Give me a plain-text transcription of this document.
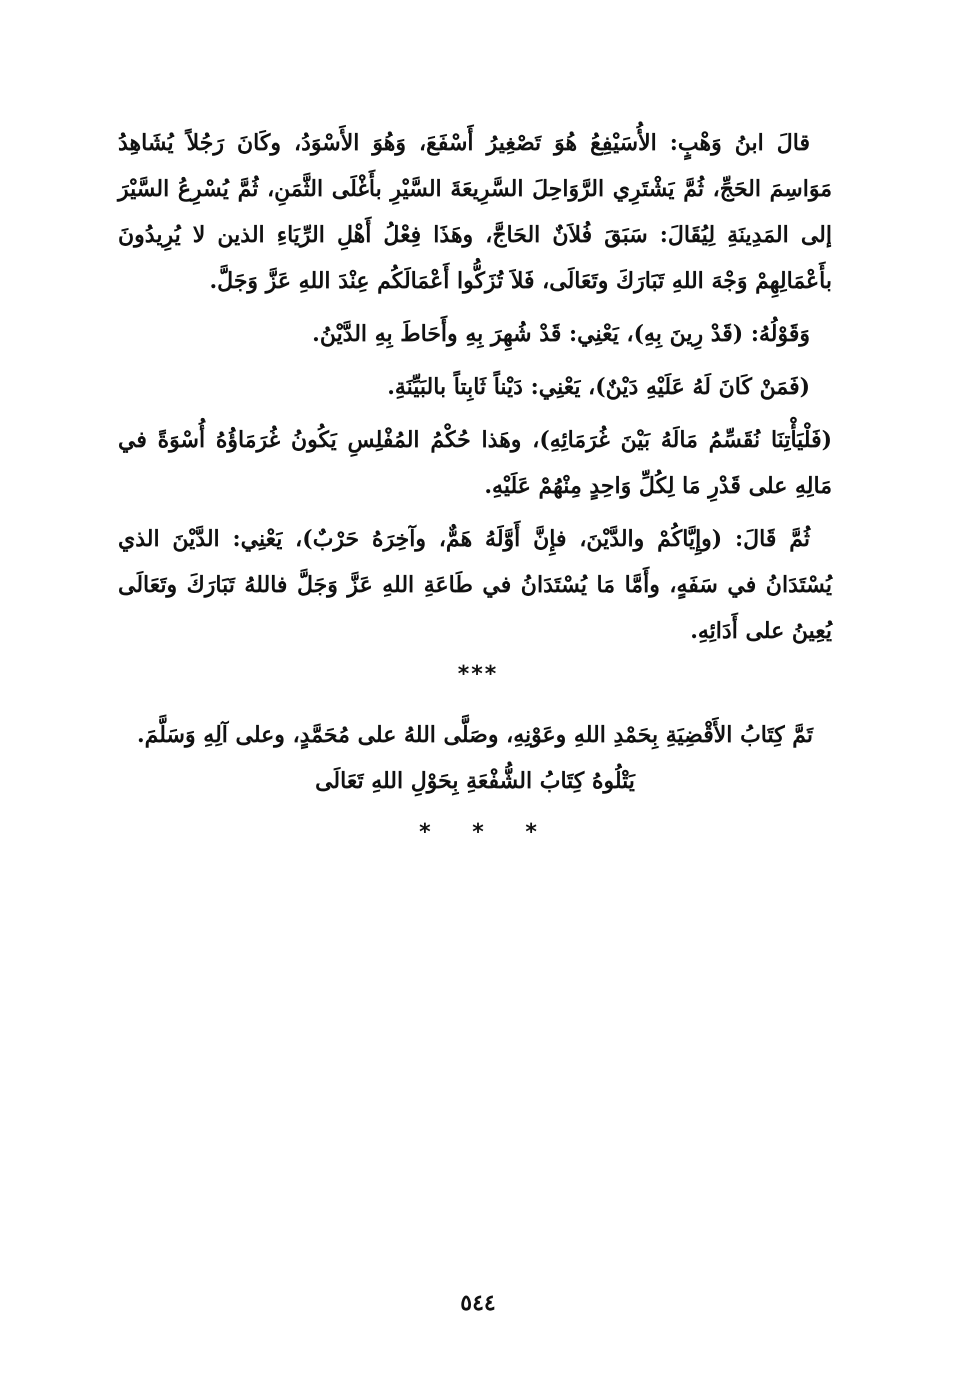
قالَ ابنُ وَهْبٍ: الأُسَيْفِعُ هُوَ تَصْغِيرُ أَسْفَعَ، وَهُوَ الأَسْوَدُ، وكَانَ رَجُلاً يُشَاهِدُ مَوَاسِمَ الحَجِّ، ثُمَّ يَشْتَرِي الرَّوَاحِلَ السَّرِيعَةَ السَّيْرِ بأَغْلَى الثَّمَنِ، ثُمَّ يُسْرِعُ السَّيْرَ إلى المَدِينَةِ لِيُقَالَ: سَبَقَ فُلاَنٌ الحَاجَّ، وهَذَا فِعْلُ أَهْلِ الرِّيَاءِ الذين لا يُرِيدُونَ بأَعْمَالِهِمْ وَجْهَ اللهِ تَبَارَكَ وتَعَالَى، فَلاَ تُزَكُّوا أَعْمَالَكُم عِنْدَ اللهِ عَزَّ وَجَلَّ.

وَقَوْلُهُ: (قَدْ رِينَ بِهِ)، يَعْنِي: قَدْ شُهِرَ بِهِ وأَحَاطَ بِهِ الدَّيْنُ.

(فَمَنْ كَانَ لَهُ عَلَيْهِ دَيْنٌ)، يَعْنِي: دَيْناً ثَابِتاً بالبَيِّنَةِ.

(فَلْيَأْتِنَا نُقَسِّمُ مَالَهُ بَيْنَ غُرَمَائِهِ)، وهَذا حُكْمُ المُفْلِسِ يَكُونُ غُرَمَاؤُهُ أُسْوَةً في مَالِهِ على قَدْرِ مَا لِكُلِّ وَاحِدٍ مِنْهُمْ عَلَيْهِ.

ثُمَّ قَالَ: (وإِيَّاكُمْ والدَّيْنَ، فإِنَّ أَوَّلَهُ هَمٌّ، وآخِرَهُ حَرْبٌ)، يَعْنِي: الدَّيْنَ الذي يُسْتَدَانُ في سَفَهٍ، وأَمَّا مَا يُسْتَدَانُ في طَاعَةِ اللهِ عَزَّ وَجَلَّ فاللهُ تَبَارَكَ وتَعَالَى يُعِينُ على أَدَائِهِ.

***
تَمَّ كِتَابُ الأَقْضِيَةِ بِحَمْدِ اللهِ وعَوْنِهِ، وصَلَّى اللهُ على مُحَمَّدٍ، وعلى آلِهِ وَسَلَّمَ.
يَتْلُوهُ كِتَابُ الشُّفْعَةِ بِحَوْلِ اللهِ تَعَالَى
* * *
٥٤٤
